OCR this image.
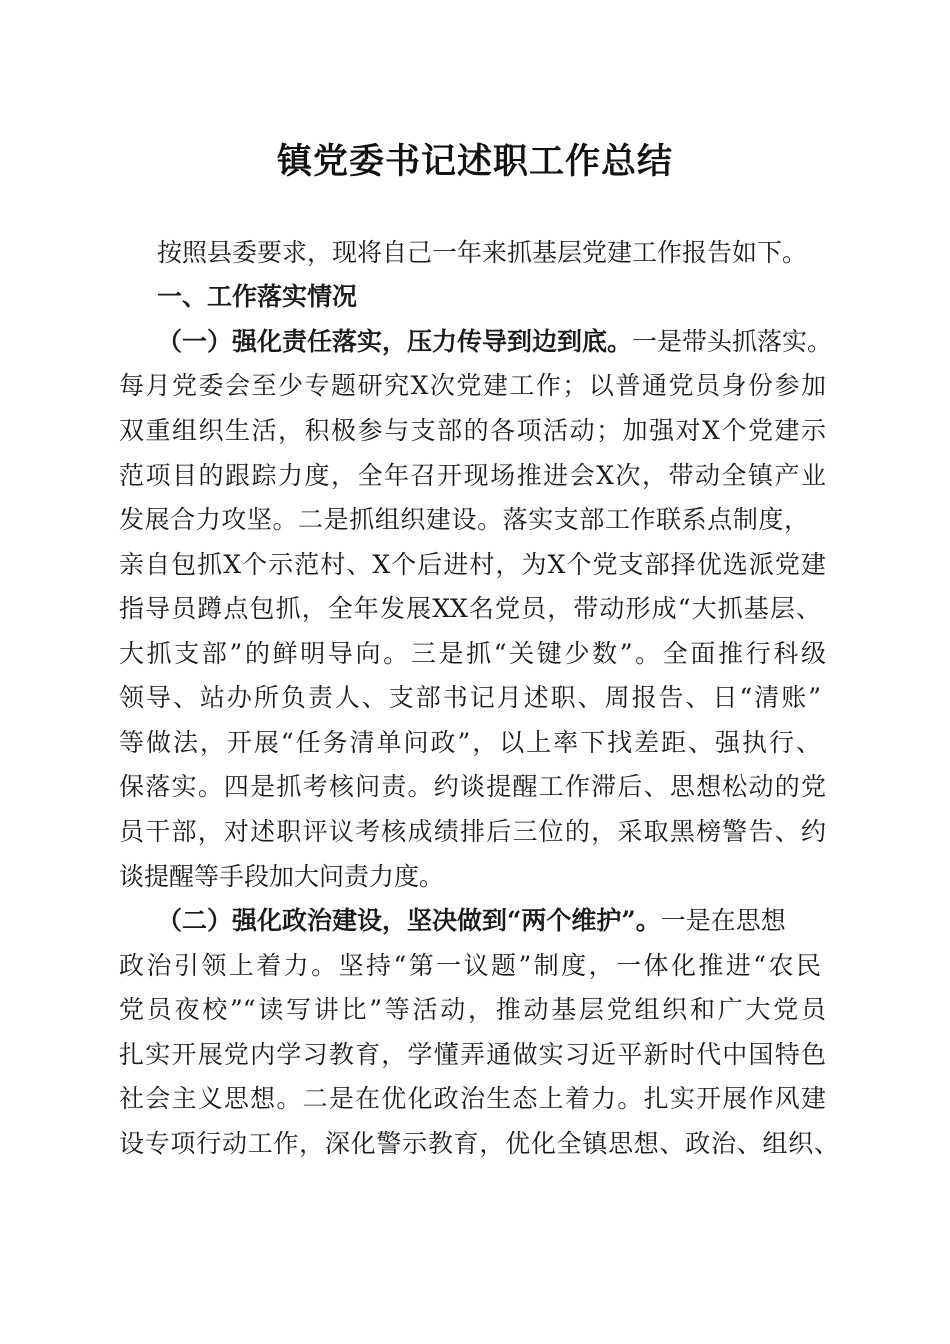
镇党委书记述职工作总结
按照县委要求，现将自己一年来抓基层党建工作报告如下。
一、工作落实情况
（一）强化责任落实，压力传导到边到底。一是带头抓落实。
每月党委会至少专题研究X次党建工作；以普通党员身份参加
双重组织生活，积极参与支部的各项活动；加强对X个党建示
范项目的跟踪力度，全年召开现场推进会X次，带动全镇产业
发展合力攻坚。二是抓组织建设。落实支部工作联系点制度，
亲自包抓X个示范村、X个后进村，为X个党支部择优选派党建
指导员蹲点包抓，全年发展XX名党员，带动形成“大抓基层、
大抓支部”的鲜明导向。三是抓“关键少数”。全面推行科级
领导、站办所负责人、支部书记月述职、周报告、日“清账”
等做法，开展“任务清单问政”，以上率下找差距、强执行、
保落实。四是抓考核问责。约谈提醒工作滞后、思想松动的党
员干部，对述职评议考核成绩排后三位的，采取黑榜警告、约
谈提醒等手段加大问责力度。
（二）强化政治建设，坚决做到“两个维护”。一是在思想
政治引领上着力。坚持“第一议题”制度，一体化推进“农民
党员夜校”“读写讲比”等活动，推动基层党组织和广大党员
扎实开展党内学习教育，学懂弄通做实习近平新时代中国特色
社会主义思想。二是在优化政治生态上着力。扎实开展作风建
设专项行动工作，深化警示教育，优化全镇思想、政治、组织、
